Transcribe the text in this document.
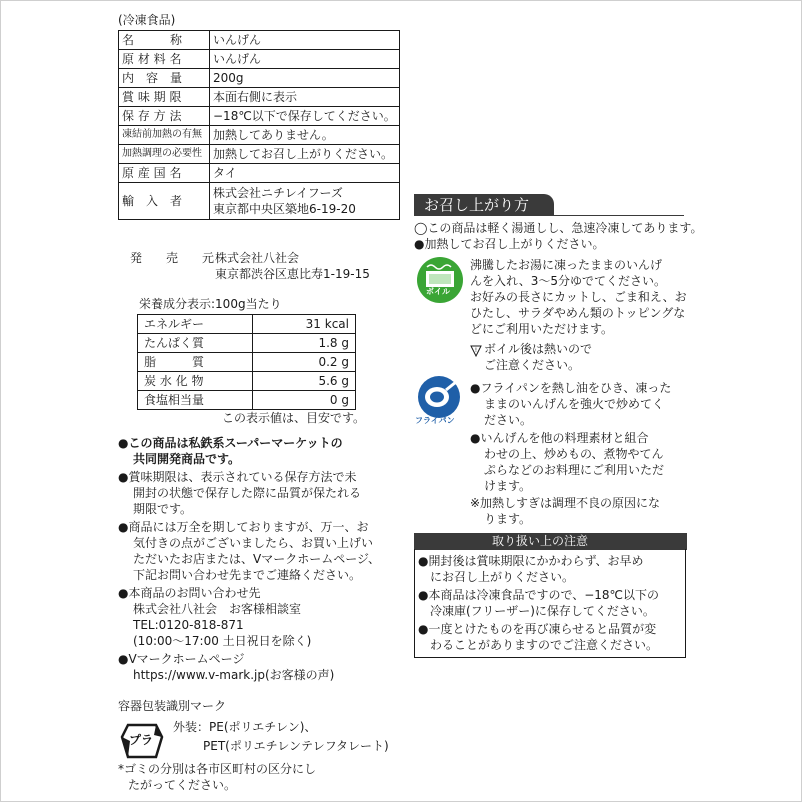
(冷凍食品)
名　　　称	いんげん
原 材 料 名	いんげん
内　容　量	200g
賞 味 期 限	本面右側に表示
保 存 方 法	−18℃以下で保存してください。
凍結前加熱の有無	加熱してありません。
加熱調理の必要性	加熱してお召し上がりください。
原 産 国 名	タイ
輸　入　者	株式会社ニチレイフーズ
東京都中央区築地6-19-20
発　　売　　元 株式会社八社会
東京都渋谷区恵比寿1-19-15
栄養成分表示:100g当たり
エネルギー	31 kcal
たんぱく質	1.8 g
脂　　　質	0.2 g
炭 水 化 物	5.6 g
食塩相当量	0 g
この表示値は、目安です。
●この商品は私鉄系スーパーマーケットの
共同開発商品です。
●賞味期限は、表示されている保存方法で未
開封の状態で保存した際に品質が保たれる
期限です。
●商品には万全を期しておりますが、万一、お
気付きの点がございましたら、お買い上げい
ただいたお店または、Vマークホームページ、
下記お問い合わせ先までご連絡ください。
●本商品のお問い合わせ先
株式会社八社会　お客様相談室
TEL:0120-818-871
(10:00〜17:00 土日祝日を除く)
●Vマークホームページ
https://www.v-mark.jp(お客様の声)
容器包装識別マーク
プラ
外装：PE(ポリエチレン)、
PET(ポリエチレンテレフタレート)
*ゴミの分別は各市区町村の区分にし
たがってください。
お召し上がり方
◯この商品は軽く湯通しし、急速冷凍してあります。
●加熱してお召し上がりください。
ボイル
沸騰したお湯に凍ったままのいんげ
んを入れ、3〜5分ゆでてください。
お好みの長さにカットし、ごま和え、お
ひたし、サラダやめん類のトッピングな
どにご利用いただけます。
! ボイル後は熱いので
ご注意ください。
フライパン
●フライパンを熱し油をひき、凍った
ままのいんげんを強火で炒めてく
ださい。
●いんげんを他の料理素材と組合
わせの上、炒めもの、煮物やてん
ぷらなどのお料理にご利用いただ
けます。
※加熱しすぎは調理不良の原因にな
ります。
取り扱い上の注意
●開封後は賞味期限にかかわらず、お早め
にお召し上がりください。
●本商品は冷凍食品ですので、−18℃以下の
冷凍庫(フリーザー)に保存してください。
●一度とけたものを再び凍らせると品質が変
わることがありますのでご注意ください。
